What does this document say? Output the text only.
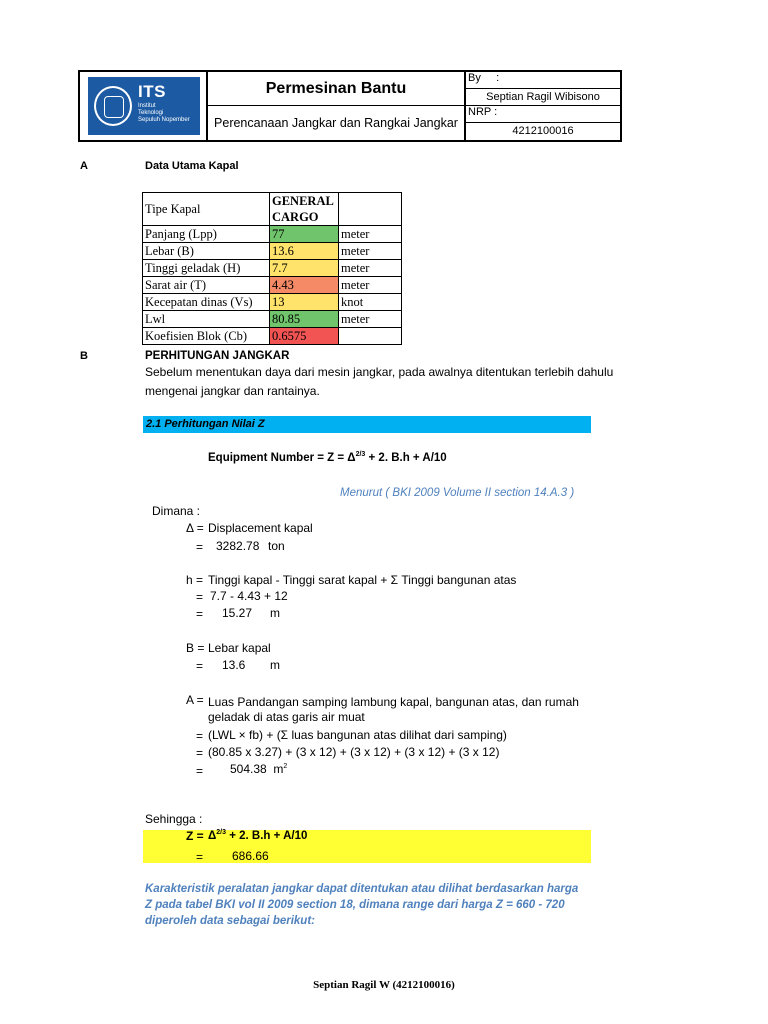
ITS
Institut
Teknologi
Sepuluh Nopember
Permesinan Bantu
Perencanaan Jangkar dan Rangkai Jangkar
By     :
Septian Ragil Wibisono
NRP :
4212100016
A	Data Utama Kapal
Tipe Kapal	GENERAL CARGO	
Panjang (Lpp)	77	meter
Lebar (B)	13.6	meter
Tinggi geladak (H)	7.7	meter
Sarat air (T)	4.43	meter
Kecepatan dinas (Vs)	13	knot
Lwl	80.85	meter
Koefisien Blok (Cb)	0.6575	
B	PERHITUNGAN JANGKAR
Sebelum menentukan daya dari mesin jangkar, pada awalnya ditentukan terlebih dahulu
mengenai jangkar dan rantainya.
2.1 Perhitungan Nilai Z
Equipment Number = $Z = \Delta^{2/3} + 2$. B.h + A/10
Menurut ( BKI 2009 Volume II section 14.A.3 )
Dimana :
Δ = Displacement kapal
= 3282.78 ton
h = Tinggi kapal - Tinggi sarat kapal + Σ Tinggi bangunan atas
= 7.7 - 4.43 + 12
= 15.27 m
B = Lebar kapal
= 13.6 m
A = Luas Pandangan samping lambung kapal, bangunan atas, dan rumah
geladak di atas garis air muat
= (LWL × fb) + (Σ luas bangunan atas dilihat dari samping)
= (80.85 x 3.27) + (3 x 12) + (3 x 12) + (3 x 12) + (3 x 12)
= 504.38 $m^2$
Sehingga :
$Z = \Delta^{2/3} + 2$. B.h + A/10
= 686.66
Karakteristik peralatan jangkar dapat ditentukan atau dilihat berdasarkan harga
Z pada tabel BKI vol II 2009 section 18, dimana range dari harga Z = 660 - 720
diperoleh data sebagai berikut:
Septian Ragil W (4212100016)
